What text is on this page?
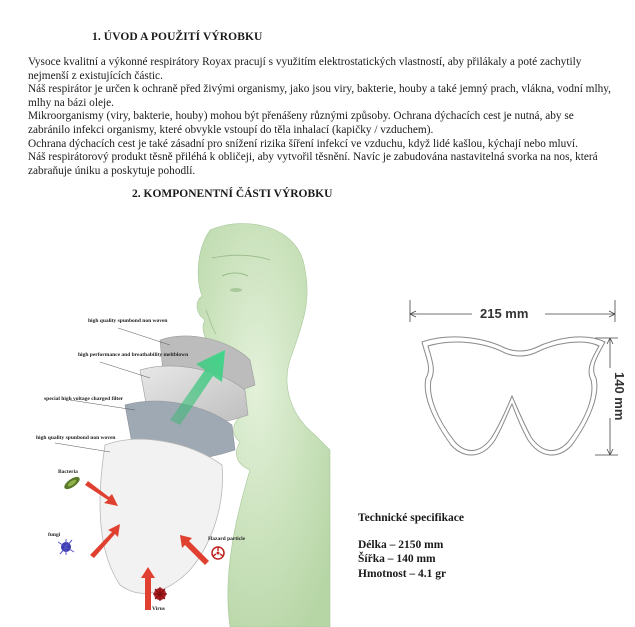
1. ÚVOD A POUŽITÍ VÝROBKU

Vysoce kvalitní a výkonné respirátory Royax pracují s využitím elektrostatických vlastností, aby přilákaly a poté zachytily nejmenší z existujících částic.

Náš respirátor je určen k ochraně před živými organismy, jako jsou viry, bakterie, houby a také jemný prach, vlákna, vodní mlhy, mlhy na bázi oleje.

Mikroorganismy (viry, bakterie, houby) mohou být přenášeny různými způsoby. Ochrana dýchacích cest je nutná, aby se zabránilo infekci organismy, které obvykle vstoupí do těla inhalací (kapičky / vzduchem).

Ochrana dýchacích cest je také zásadní pro snížení rizika šíření infekcí ve vzduchu, když lidé kašlou, kýchají nebo mluví.

Náš respirátorový produkt těsně přiléhá k obličeji, aby vytvořil těsnění. Navíc je zabudována nastavitelná svorka na nos, která zabraňuje úniku a poskytuje pohodlí.

2. KOMPONENTNÍ ČÁSTI VÝROBKU
high quality spunbond non woven
high performance and breathability meltblown
special high voltage charged filter
high quality spunbond non woven
Bacteria
fungi
Virus
Hazard particle
215 mm
140 mm
Technické specifikace
Délka – 2150 mm
Šířka – 140 mm
Hmotnost – 4.1 gr
